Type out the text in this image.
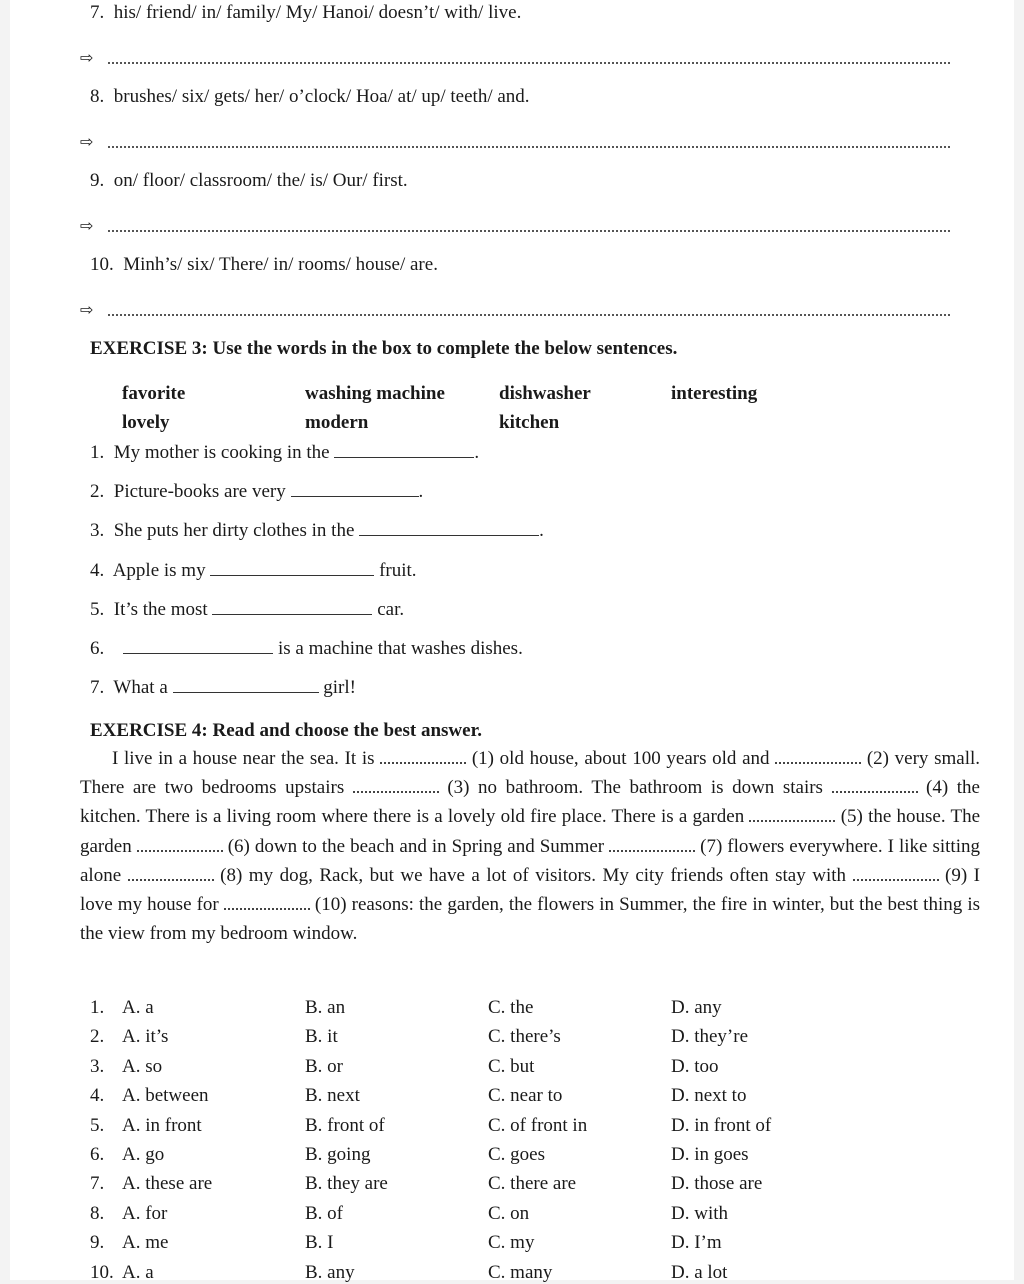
7. his/ friend/ in/ family/ My/ Hanoi/ doesn’t/ with/ live.
⇨
8. brushes/ six/ gets/ her/ o’clock/ Hoa/ at/ up/ teeth/ and.
⇨
9. on/ floor/ classroom/ the/ is/ Our/ first.
⇨
10. Minh’s/ six/ There/ in/ rooms/ house/ are.
⇨
EXERCISE 3: Use the words in the box to complete the below sentences.
favorite	washing machine	dishwasher	interesting
lovely	modern	kitchen
1. My mother is cooking in the	.
2. Picture-books are very	.
3. She puts her dirty clothes in the	.
4. Apple is my	fruit.
5. It’s the most	car.
6.	is a machine that washes dishes.
7. What a	girl!
EXERCISE 4: Read and choose the best answer.
I live in a house near the sea. It is	(1) old house, about 100 years old and	(2) very small. There are two bedrooms upstairs	(3) no bathroom. The bathroom is down stairs	(4) the kitchen. There is a living room where there is a lovely old fire place. There is a garden	(5) the house. The garden	(6) down to the beach and in Spring and Summer	(7) flowers everywhere. I like sitting alone	(8) my dog, Rack, but we have a lot of visitors. My city friends often stay with	(9) I love my house for	(10) reasons: the garden, the flowers in Summer, the fire in winter, but the best thing is the view from my bedroom window.
1. A. a	B. an	C. the	D. any
2. A. it’s	B. it	C. there’s	D. they’re
3. A. so	B. or	C. but	D. too
4. A. between	B. next	C. near to	D. next to
5. A. in front	B. front of	C. of front in	D. in front of
6. A. go	B. going	C. goes	D. in goes
7. A. these are	B. they are	C. there are	D. those are
8. A. for	B. of	C. on	D. with
9. A. me	B. I	C. my	D. I’m
10. A. a	B. any	C. many	D. a lot
